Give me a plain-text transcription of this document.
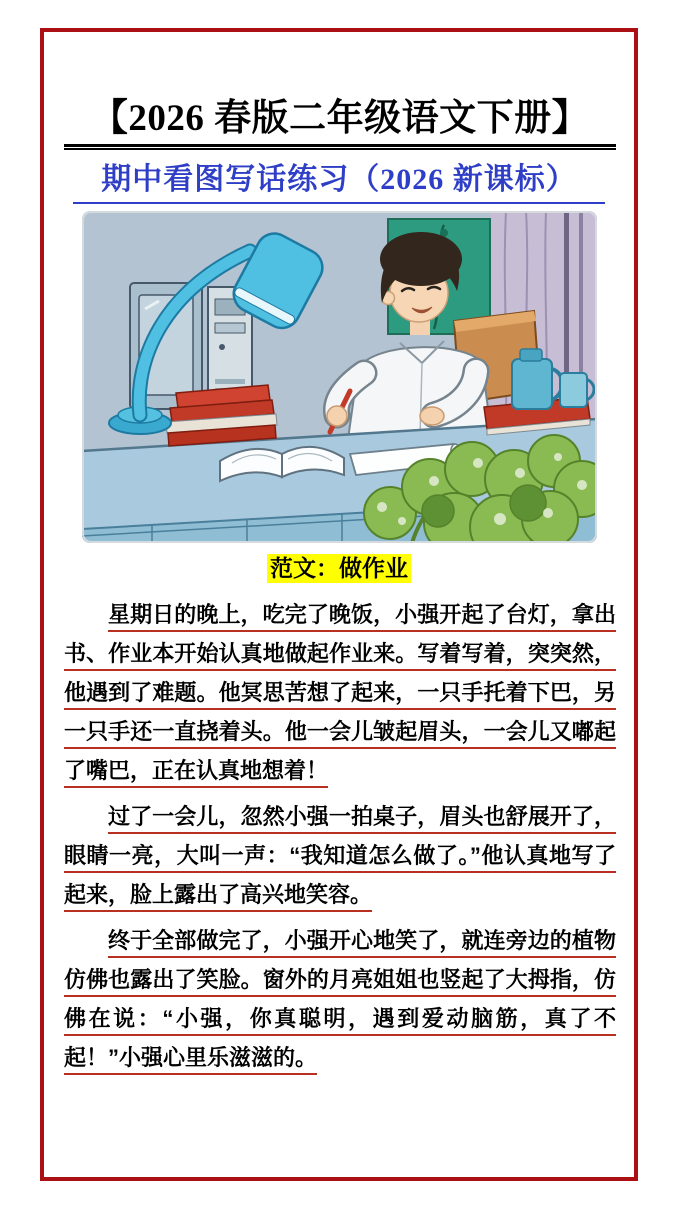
【2026 春版二年级语文下册】
期中看图写话练习（2026 新课标）
范文：做作业

星期日的晚上，吃完了晚饭，小强开起了台灯，拿出书、作业本开始认真地做起作业来。写着写着，突突然，他遇到了难题。他冥思苦想了起来，一只手托着下巴，另一只手还一直挠着头。他一会儿皱起眉头，一会儿又嘟起了嘴巴，正在认真地想着！

过了一会儿，忽然小强一拍桌子，眉头也舒展开了，眼睛一亮，大叫一声：“我知道怎么做了。”他认真地写了起来，脸上露出了高兴地笑容。

终于全部做完了，小强开心地笑了，就连旁边的植物仿佛也露出了笑脸。窗外的月亮姐姐也竖起了大拇指，仿佛在说：“小强，你真聪明，遇到爱动脑筋，真了不起！”小强心里乐滋滋的。
